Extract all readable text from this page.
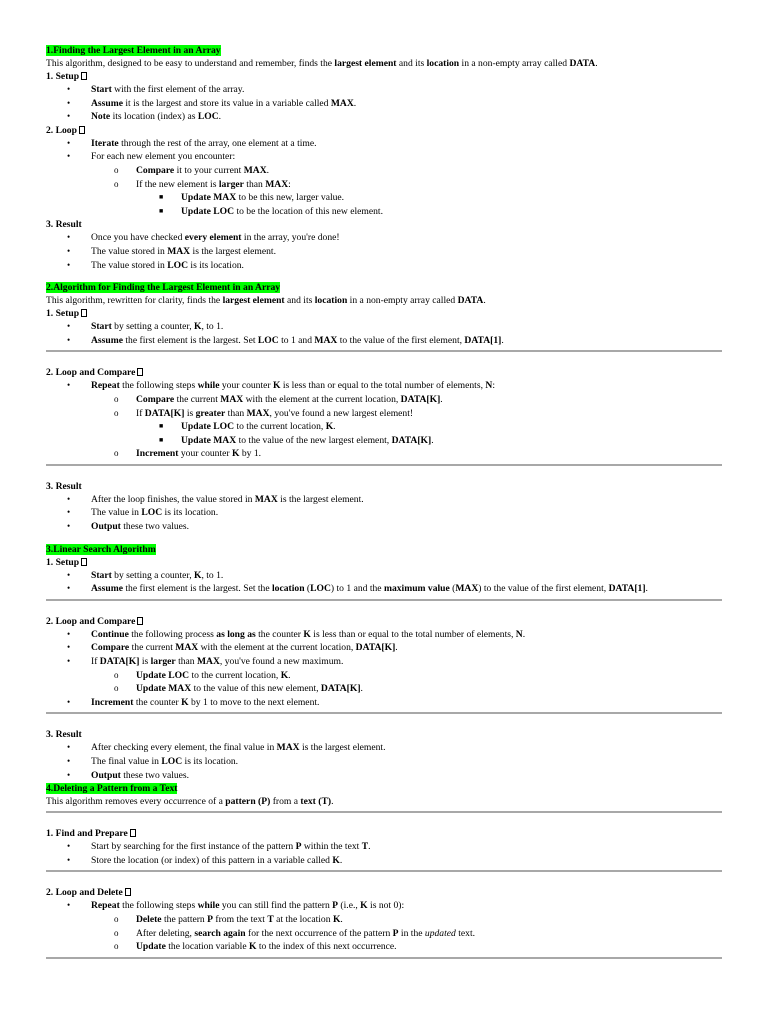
1.Finding the Largest Element in an Array
This algorithm, designed to be easy to understand and remember, finds the largest element and its location in a non-empty array called DATA.
1. Setup
• Start with the first element of the array.
• Assume it is the largest and store its value in a variable called MAX.
• Note its location (index) as LOC.
2. Loop
• Iterate through the rest of the array, one element at a time.
• For each new element you encounter:
o Compare it to your current MAX.
o If the new element is larger than MAX:
■ Update MAX to be this new, larger value.
■ Update LOC to be the location of this new element.
3. Result
• Once you have checked every element in the array, you're done!
• The value stored in MAX is the largest element.
• The value stored in LOC is its location.
2.Algorithm for Finding the Largest Element in an Array
This algorithm, rewritten for clarity, finds the largest element and its location in a non-empty array called DATA.
1. Setup
• Start by setting a counter, K, to 1.
• Assume the first element is the largest. Set LOC to 1 and MAX to the value of the first element, DATA[1].
2. Loop and Compare
• Repeat the following steps while your counter K is less than or equal to the total number of elements, N:
o Compare the current MAX with the element at the current location, DATA[K].
o If DATA[K] is greater than MAX, you've found a new largest element!
■ Update LOC to the current location, K.
■ Update MAX to the value of the new largest element, DATA[K].
o Increment your counter K by 1.
3. Result
• After the loop finishes, the value stored in MAX is the largest element.
• The value in LOC is its location.
• Output these two values.
3.Linear Search Algorithm
1. Setup
• Start by setting a counter, K, to 1.
• Assume the first element is the largest. Set the location (LOC) to 1 and the maximum value (MAX) to the value of the first element, DATA[1].
2. Loop and Compare
• Continue the following process as long as the counter K is less than or equal to the total number of elements, N.
• Compare the current MAX with the element at the current location, DATA[K].
• If DATA[K] is larger than MAX, you've found a new maximum.
o Update LOC to the current location, K.
o Update MAX to the value of this new element, DATA[K].
• Increment the counter K by 1 to move to the next element.
3. Result
• After checking every element, the final value in MAX is the largest element.
• The final value in LOC is its location.
• Output these two values.
4.Deleting a Pattern from a Text
This algorithm removes every occurrence of a pattern (P) from a text (T).
1. Find and Prepare
• Start by searching for the first instance of the pattern P within the text T.
• Store the location (or index) of this pattern in a variable called K.
2. Loop and Delete
• Repeat the following steps while you can still find the pattern P (i.e., K is not 0):
o Delete the pattern P from the text T at the location K.
o After deleting, search again for the next occurrence of the pattern P in the updated text.
o Update the location variable K to the index of this next occurrence.
